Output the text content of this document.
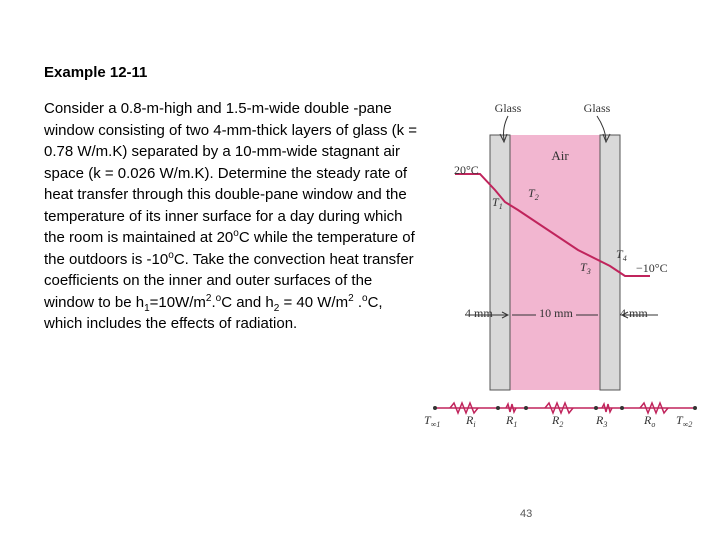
Example 12-11
Consider a 0.8-m-high and 1.5-m-wide double -pane window consisting of two 4-mm-thick layers of glass (k = 0.78 W/m.K) separated by a 10-mm-wide stagnant air space (k = 0.026 W/m.K). Determine the steady rate of heat transfer through this double-pane window and the temperature of its inner surface for a day during which the room is maintained at 20$^o$C while the temperature of the outdoors is -10$^o$C. Take the convection heat transfer coefficients on the inner and outer surfaces of the window to be $h_1=10W/m^2.^oC$ and $h_2 = 40$ $W/m^2$ .$^o$C, which includes the effects of radiation.
Glass	Glass
Air
20°C
−10°C
$T_1$
$T_2$
$T_3$
$T_4$
4 mm	10 mm	4 mm
$T_{\infty 1}$ $R_i$	$R_1$	$R_2$	$R_3$	$R_o$ $T_{\infty 2}$
43
